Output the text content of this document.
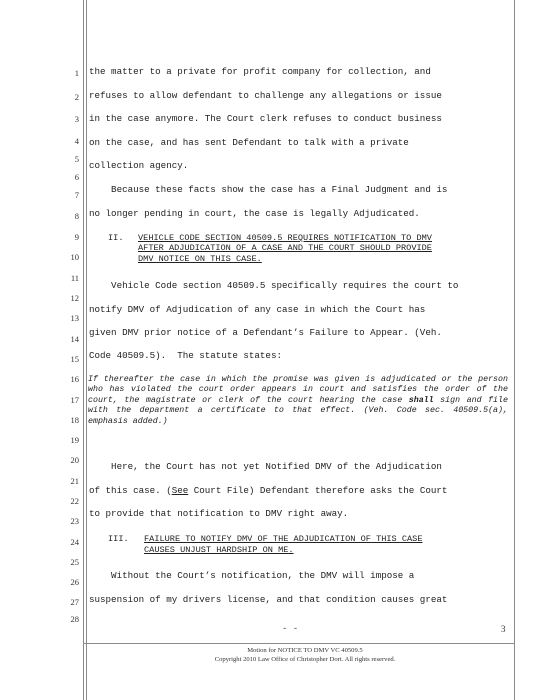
1
2
3
4
5
6
7
8
9
10
11
12
13
14
15
16
17
18
19
20
21
22
23
24
25
26
27
28
the matter to a private for profit company for collection, and
refuses to allow defendant to challenge any allegations or issue
in the case anymore. The Court clerk refuses to conduct business
on the case, and has sent Defendant to talk with a private
collection agency.
Because these facts show the case has a Final Judgment and is
no longer pending in court, the case is legally Adjudicated.
II. VEHICLE CODE SECTION 40509.5 REQUIRES NOTIFICATION TO DMV
AFTER ADJUDICATION OF A CASE AND THE COURT SHOULD PROVIDE
DMV NOTICE ON THIS CASE.
Vehicle Code section 40509.5 specifically requires the court to
notify DMV of Adjudication of any case in which the Court has
given DMV prior notice of a Defendant’s Failure to Appear. (Veh.
Code 40509.5).  The statute states:
If thereafter the case in which the promise was given is adjudicated or the person who has violated the court order appears in court and satisfies the order of the court, the magistrate or clerk of the court hearing the case shall sign and file with the department a certificate to that effect. (Veh. Code sec. 40509.5(a), emphasis added.)
Here, the Court has not yet Notified DMV of the Adjudication
of this case. (See Court File) Defendant therefore asks the Court
to provide that notification to DMV right away.
III. FAILURE TO NOTIFY DMV OF THE ADJUDICATION OF THIS CASE
CAUSES UNJUST HARDSHIP ON ME.
Without the Court’s notification, the DMV will impose a
suspension of my drivers license, and that condition causes great
- -	3
Motion for NOTICE TO DMV VC 40509.5
Copyright 2010 Law Office of Christopher Dort. All rights reserved.
